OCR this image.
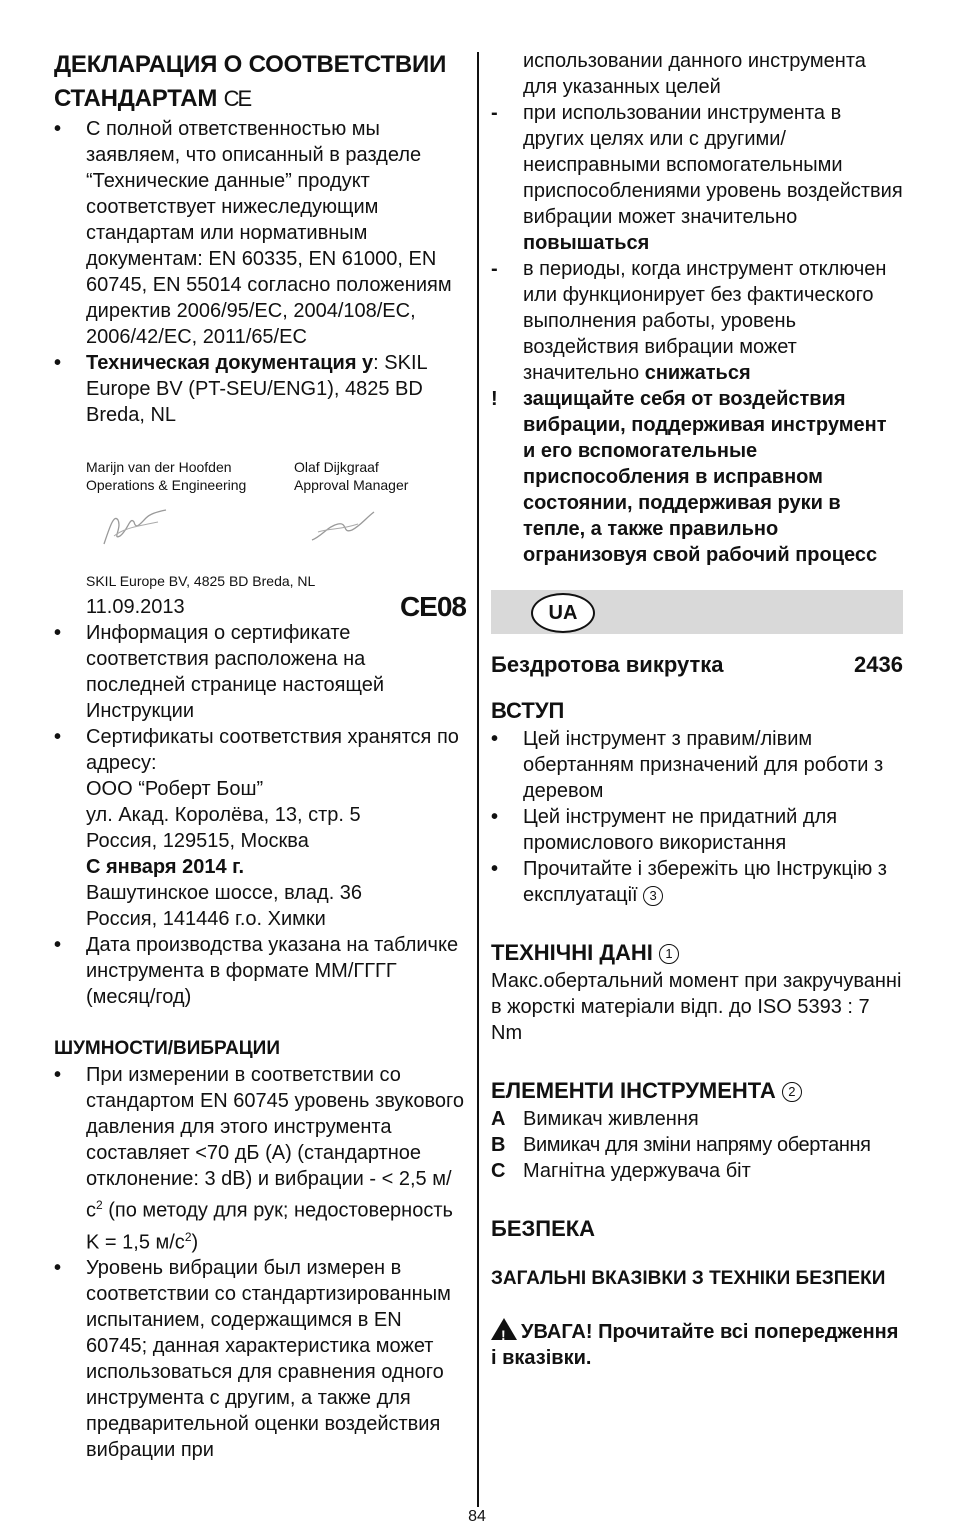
ДЕКЛАРАЦИЯ О СООТВЕТСТВИИ
СТАНДАРТАМ CE
• С полной ответственностью мы заявляем, что описанный в разделе “Технические данные” продукт соответствует нижеследующим стандартам или нормативным документам: EN 60335, EN 61000, EN 60745, EN 55014 согласно положениям директив 2006/95/EC, 2004/108/EC, 2006/42/EC, 2011/65/EC
• Техническая документация у: SKIL Europe BV (PT-SEU/ENG1), 4825 BD Breda, NL
Marijn van der Hoofden
Operations & Engineering
Olaf Dijkgraaf
Approval Manager
SKIL Europe BV, 4825 BD Breda, NL
11.09.2013	CE08
• Информация о сертификате соответствия расположена на последней странице настоящей Инструкции
• Сертификаты соответствия хранятся по адресу:
ООО “Роберт Бош”
ул. Акад. Королёва, 13, стр. 5
Россия, 129515, Москва
С января 2014 г.
Вашутинское шоссе, влад. 36
Россия, 141446 г.о. Химки
• Дата производства указана на табличке инструмента в формате ММ/ГГГГ (месяц/год)
ШУМНОСТИ/ВИБРАЦИИ
• При измерении в соответствии со стандартом EN 60745 уровень звукового давления для этого инструмента составляет <70 дБ (A) (стандартное отклонение: 3 dB) и вибрации - < 2,5 $м/с^2$ (по методу для рук; недостоверность K = 1,5 $м/с^2$)
• Уровень вибрации был измерен в соответствии со стандартизированным испытанием, содержащимся в EN 60745; данная характеристика может использоваться для сравнения одного инструмента с другим, а также для предварительной оценки воздействия вибрации при

использовании данного инструмента для указанных целей

- при использовании инструмента в других целях или с другими/ неисправными вспомогательными приспособлениями уровень воздействия вибрации может значительно повышаться
- в периоды, когда инструмент отключен или функционирует без фактического выполнения работы, уровень воздействия вибрации может значительно снижаться
! защищайте себя от воздействия вибрации, поддерживая инструмент и его вспомогательные приспособления в исправном состоянии, поддерживая руки в тепле, а также правильно огранизовуя свой рабочий процесс
UA
Бездротова викрутка	2436
ВСТУП
• Цей інструмент з правим/лівим обертанням призначений для роботи з деревом
• Цей інструмент не придатний для промислового використання
• Прочитайте і збережіть цю Інструкцію з експлуатації 3
ТЕХНІЧНІ ДАНІ 1

Макс.обертальний момент при закручуванні в жорсткі матеріали відп. до ISO 5393 : 7 Nm

ЕЛЕМЕНТИ ІНСТРУМЕНТА 2
A Вимикач живлення
B Вимикач для зміни напряму обертання
C Магнітна удержувача біт
БЕЗПЕКА
ЗАГАЛЬНІ ВКАЗІВКИ З ТЕХНІКИ БЕЗПЕКИ

! УВАГА! Прочитайте всі попередження і вказівки.

84
